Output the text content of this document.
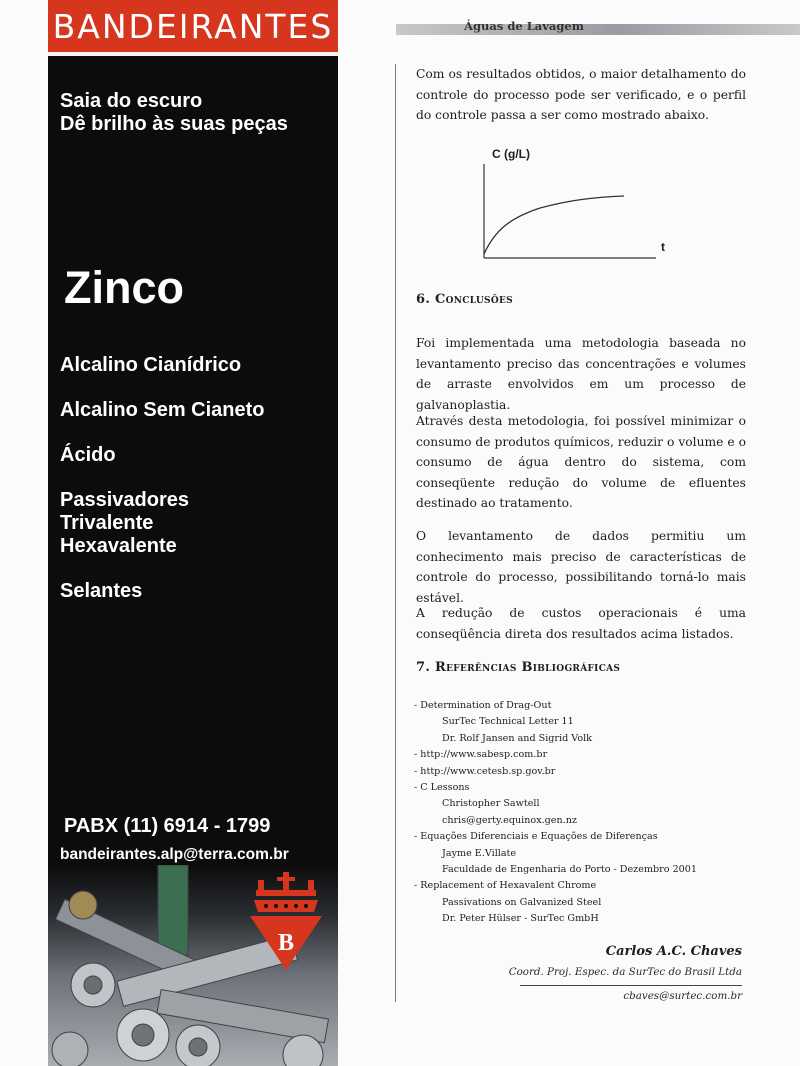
BANDEIRANTES
Saia do escuro
Dê brilho às suas peças
Zinco
Alcalino Cianídrico
Alcalino Sem Cianeto
Ácido
Passivadores
Trivalente
Hexavalente
Selantes
PABX (11) 6914 - 1799
bandeirantes.alp@terra.com.br
B
Águas de Lavagem
Com os resultados obtidos, o maior detalhamento do controle do processo pode ser verificado, e o perfil do controle passa a ser como mostrado abaixo.
C (g/L)
t
6. Conclusões
Foi implementada uma metodologia baseada no levantamento preciso das concentrações e volumes de arraste envolvidos em um processo de galvanoplastia.
Através desta metodologia, foi possível minimizar o consumo de produtos químicos, reduzir o volume e o consumo de água dentro do sistema, com conseqüente redução do volume de efluentes destinado ao tratamento.
O levantamento de dados permitiu um conhecimento mais preciso de características de controle do processo, possibilitando torná-lo mais estável.
A redução de custos operacionais é uma conseqüência direta dos resultados acima listados.
7. Referências Bibliográficas
- Determination of Drag-Out
SurTec Technical Letter 11
Dr. Rolf Jansen and Sigrid Volk
- http://www.sabesp.com.br
- http://www.cetesb.sp.gov.br
- C Lessons
Christopher Sawtell
chris@gerty.equinox.gen.nz
- Equações Diferenciais e Equações de Diferenças
Jayme E.Villate
Faculdade de Engenharia do Porto - Dezembro 2001
- Replacement of Hexavalent Chrome
Passivations on Galvanized Steel
Dr. Peter Hülser - SurTec GmbH
Carlos A.C. Chaves
Coord. Proj. Espec. da SurTec do Brasil Ltda
cbaves@surtec.com.br
